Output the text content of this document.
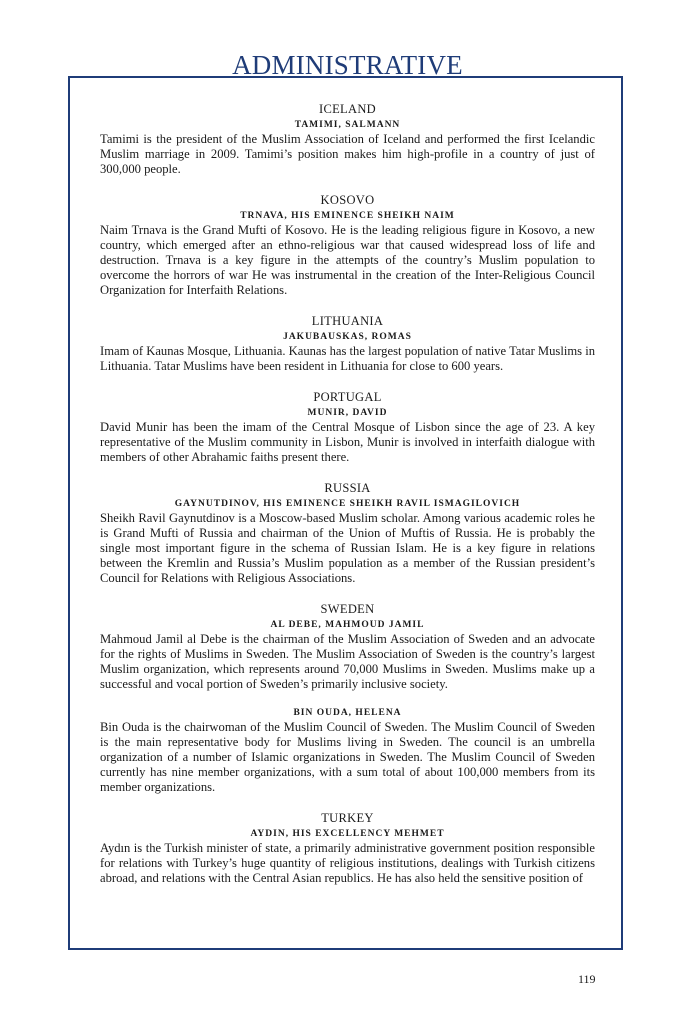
ADMINISTRATIVE
ICELAND
TAMIMI, SALMANN

Tamimi is the president of the Muslim Association of Iceland and performed the first Icelandic Muslim marriage in 2009. Tamimi’s position makes him high-profile in a country of just of 300,000 people.

KOSOVO
TRNAVA, HIS EMINENCE SHEIKH NAIM

Naim Trnava is the Grand Mufti of Kosovo. He is the leading religious figure in Kosovo, a new country, which emerged after an ethno-religious war that caused widespread loss of life and destruction. Trnava is a key figure in the attempts of the country’s Muslim population to overcome the horrors of war He was instrumental in the creation of the Inter-Religious Council Organization for Interfaith Relations.

LITHUANIA
JAKUBAUSKAS, ROMAS

Imam of Kaunas Mosque, Lithuania. Kaunas has the largest population of native Tatar Muslims in Lithuania. Tatar Muslims have been resident in Lithuania for close to 600 years.

PORTUGAL
MUNIR, DAVID

David Munir has been the imam of the Central Mosque of Lisbon since the age of 23. A key representative of the Muslim community in Lisbon, Munir is involved in interfaith dialogue with members of other Abrahamic faiths present there.

RUSSIA
GAYNUTDINOV, HIS EMINENCE SHEIKH RAVIL ISMAGILOVICH

Sheikh Ravil Gaynutdinov is a Moscow-based Muslim scholar. Among various academic roles he is Grand Mufti of Russia and chairman of the Union of Muftis of Russia. He is probably the single most important figure in the schema of Russian Islam. He is a key figure in relations between the Kremlin and Russia’s Muslim population as a member of the Russian president’s Council for Relations with Religious Associations.

SWEDEN
AL DEBE, MAHMOUD JAMIL

Mahmoud Jamil al Debe is the chairman of the Muslim Association of Sweden and an advocate for the rights of Muslims in Sweden. The Muslim Association of Sweden is the country’s largest Muslim organization, which represents around 70,000 Muslims in Sweden. Muslims make up a successful and vocal portion of Sweden’s primarily inclusive society.

BIN OUDA, HELENA

Bin Ouda is the chairwoman of the Muslim Council of Sweden. The Muslim Council of Sweden is the main representative body for Muslims living in Sweden. The council is an umbrella organization of a number of Islamic organizations in Sweden. The Muslim Council of Sweden currently has nine member organizations, with a sum total of about 100,000 members from its member organizations.

TURKEY
AYDIN, HIS EXCELLENCY MEHMET

Aydın is the Turkish minister of state, a primarily administrative government position responsible for relations with Turkey’s huge quantity of religious institutions, dealings with Turkish citizens abroad, and relations with the Central Asian republics. He has also held the sensitive position of

119
